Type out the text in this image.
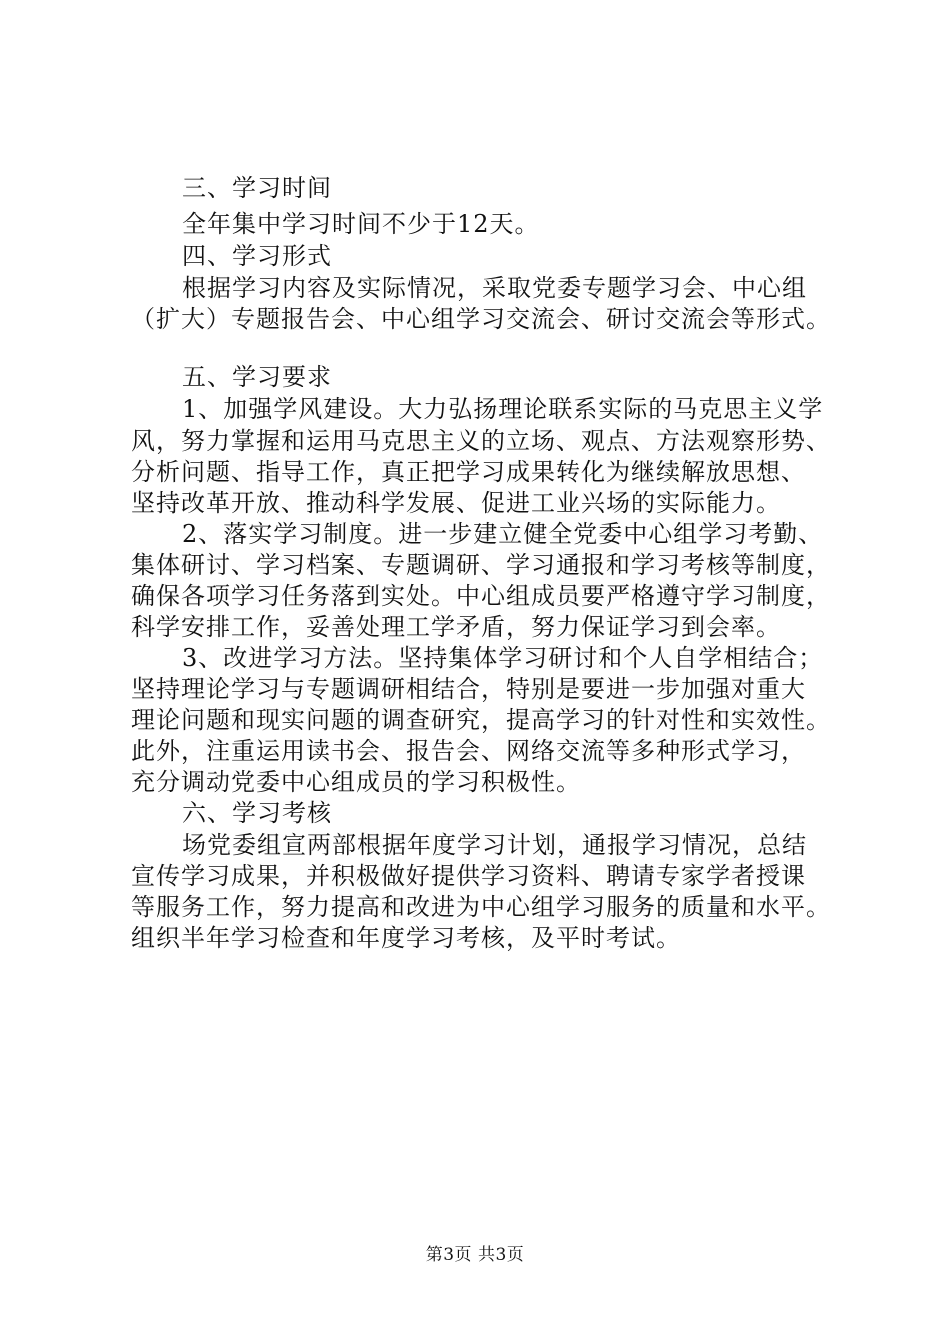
三、学习时间
全年集中学习时间不少于12天。
四、学习形式
根据学习内容及实际情况，采取党委专题学习会、中心组
（扩大）专题报告会、中心组学习交流会、研讨交流会等形式。
五、学习要求
1、加强学风建设。大力弘扬理论联系实际的马克思主义学
风，努力掌握和运用马克思主义的立场、观点、方法观察形势、
分析问题、指导工作，真正把学习成果转化为继续解放思想、
坚持改革开放、推动科学发展、促进工业兴场的实际能力。
2、落实学习制度。进一步建立健全党委中心组学习考勤、
集体研讨、学习档案、专题调研、学习通报和学习考核等制度，
确保各项学习任务落到实处。中心组成员要严格遵守学习制度，
科学安排工作，妥善处理工学矛盾，努力保证学习到会率。
3、改进学习方法。坚持集体学习研讨和个人自学相结合；
坚持理论学习与专题调研相结合，特别是要进一步加强对重大
理论问题和现实问题的调查研究，提高学习的针对性和实效性。
此外，注重运用读书会、报告会、网络交流等多种形式学习，
充分调动党委中心组成员的学习积极性。
六、学习考核
场党委组宣两部根据年度学习计划，通报学习情况，总结
宣传学习成果，并积极做好提供学习资料、聘请专家学者授课
等服务工作，努力提高和改进为中心组学习服务的质量和水平。
组织半年学习检查和年度学习考核，及平时考试。
第3页 共3页
